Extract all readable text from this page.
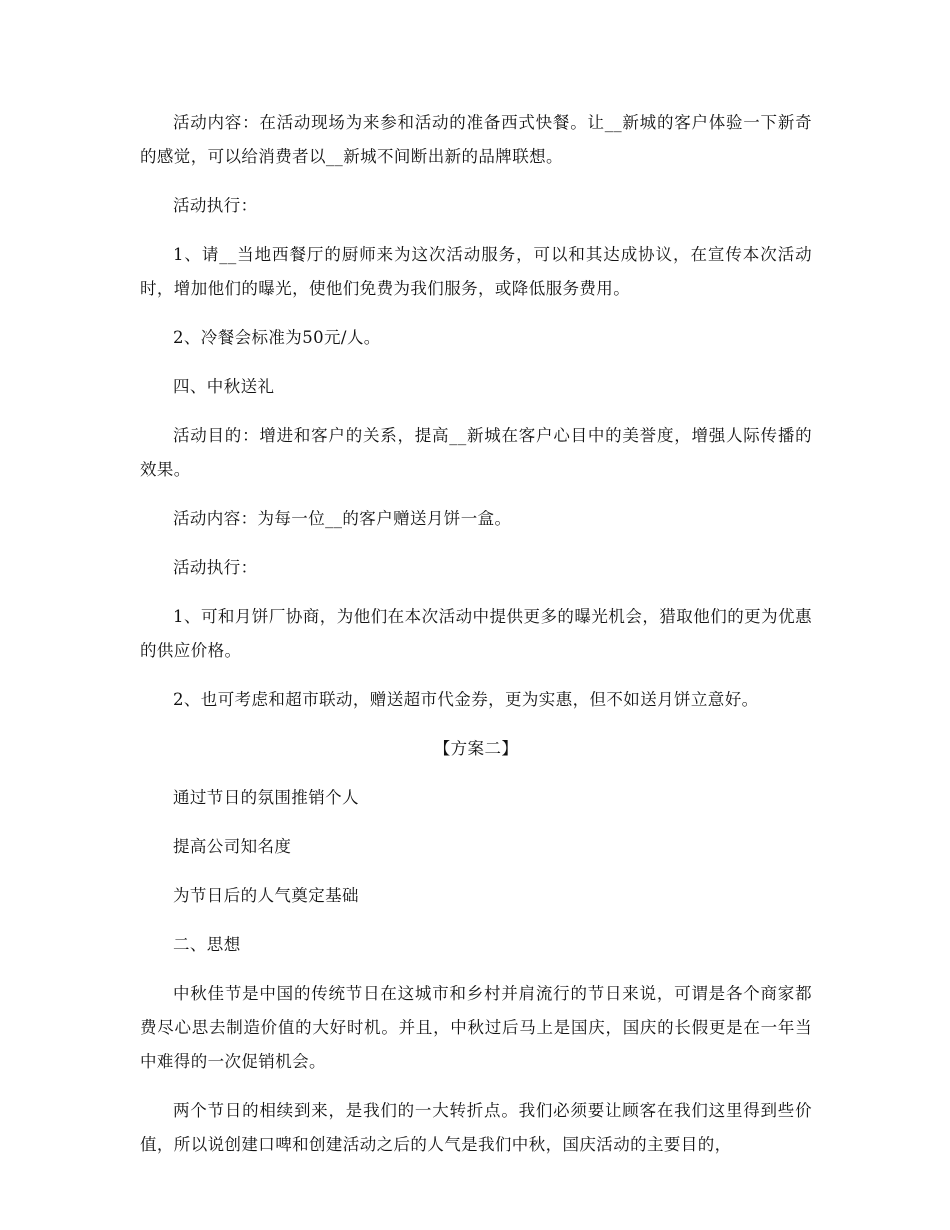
活动内容：在活动现场为来参和活动的准备西式快餐。让__新城的客户体验一下新奇的感觉，可以给消费者以__新城不间断出新的品牌联想。

活动执行：

1、请__当地西餐厅的厨师来为这次活动服务，可以和其达成协议，在宣传本次活动时，增加他们的曝光，使他们免费为我们服务，或降低服务费用。

2、冷餐会标准为50元/人。

四、中秋送礼

活动目的：增进和客户的关系，提高__新城在客户心目中的美誉度，增强人际传播的效果。

活动内容：为每一位__的客户赠送月饼一盒。

活动执行：

1、可和月饼厂协商，为他们在本次活动中提供更多的曝光机会，猎取他们的更为优惠的供应价格。

2、也可考虑和超市联动，赠送超市代金券，更为实惠，但不如送月饼立意好。

【方案二】

通过节日的氛围推销个人

提高公司知名度

为节日后的人气奠定基础

二、思想

中秋佳节是中国的传统节日在这城市和乡村并肩流行的节日来说，可谓是各个商家都费尽心思去制造价值的大好时机。并且，中秋过后马上是国庆，国庆的长假更是在一年当中难得的一次促销机会。

两个节日的相续到来，是我们的一大转折点。我们必须要让顾客在我们这里得到些价值，所以说创建口啤和创建活动之后的人气是我们中秋，国庆活动的主要目的，
